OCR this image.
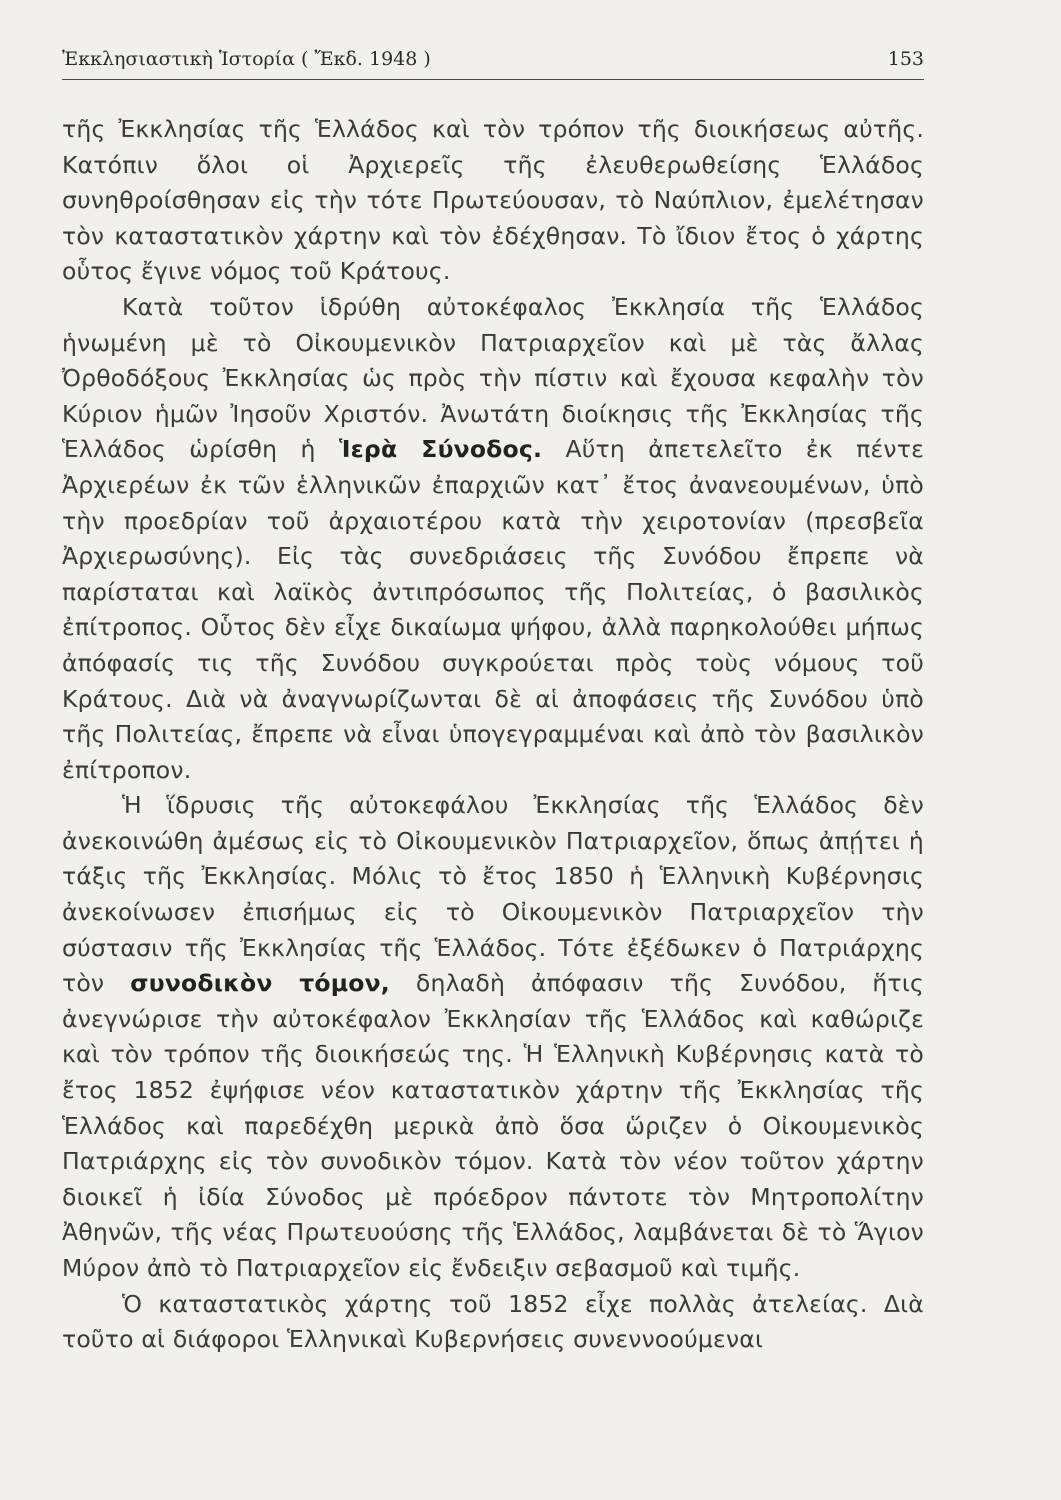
Ἐκκλησιαστικὴ Ἱστορία ( Ἔκδ. 1948 )	153

τῆς Ἐκκλησίας τῆς Ἑλλάδος καὶ τὸν τρόπον τῆς διοικήσεως αὐτῆς. Κατόπιν ὅλοι οἱ Ἀρχιερεῖς τῆς ἐλευθερωθείσης Ἑλλάδος συνηθροίσθησαν εἰς τὴν τότε Πρωτεύουσαν, τὸ Ναύπλιον, ἐμελέτησαν τὸν καταστατικὸν χάρτην καὶ τὸν ἐδέχθησαν. Τὸ ἴδιον ἔτος ὁ χάρτης οὗτος ἔγινε νόμος τοῦ Κράτους.

Κατὰ τοῦτον ἱδρύθη αὐτοκέφαλος Ἐκκλησία τῆς Ἑλλάδος ἡνωμένη μὲ τὸ Οἰκουμενικὸν Πατριαρχεῖον καὶ μὲ τὰς ἄλλας Ὀρθοδόξους Ἐκκλησίας ὡς πρὸς τὴν πίστιν καὶ ἔχουσα κεφαλὴν τὸν Κύριον ἡμῶν Ἰησοῦν Χριστόν. Ἀνωτάτη διοίκησις τῆς Ἐκκλησίας τῆς Ἑλλάδος ὡρίσθη ἡ Ἱερὰ Σύνοδος. Αὕτη ἀπετελεῖτο ἐκ πέντε Ἀρχιερέων ἐκ τῶν ἑλληνικῶν ἐπαρχιῶν κατ᾽ ἔτος ἀνανεουμένων, ὑπὸ τὴν προεδρίαν τοῦ ἀρχαιοτέρου κατὰ τὴν χειροτονίαν (πρεσβεῖα Ἀρχιερωσύνης). Εἰς τὰς συνεδριάσεις τῆς Συνόδου ἔπρεπε νὰ παρίσταται καὶ λαϊκὸς ἀντιπρόσωπος τῆς Πολιτείας, ὁ βασιλικὸς ἐπίτροπος. Οὗτος δὲν εἶχε δικαίωμα ψήφου, ἀλλὰ παρηκολούθει μήπως ἀπόφασίς τις τῆς Συνόδου συγκρούεται πρὸς τοὺς νόμους τοῦ Κράτους. Διὰ νὰ ἀναγνωρίζωνται δὲ αἱ ἀποφάσεις τῆς Συνόδου ὑπὸ τῆς Πολιτείας, ἔπρεπε νὰ εἶναι ὑπογεγραμμέναι καὶ ἀπὸ τὸν βασιλικὸν ἐπίτροπον.

Ἡ ἵδρυσις τῆς αὐτοκεφάλου Ἐκκλησίας τῆς Ἑλλάδος δὲν ἀνεκοινώθη ἀμέσως εἰς τὸ Οἰκουμενικὸν Πατριαρχεῖον, ὅπως ἀπῄτει ἡ τάξις τῆς Ἐκκλησίας. Μόλις τὸ ἔτος 1850 ἡ Ἑλληνικὴ Κυβέρνησις ἀνεκοίνωσεν ἐπισήμως εἰς τὸ Οἰκουμενικὸν Πατριαρχεῖον τὴν σύστασιν τῆς Ἐκκλησίας τῆς Ἑλλάδος. Τότε ἐξέδωκεν ὁ Πατριάρχης τὸν συνοδικὸν τόμον, δηλαδὴ ἀπόφασιν τῆς Συνόδου, ἥτις ἀνεγνώρισε τὴν αὐτοκέφαλον Ἐκκλησίαν τῆς Ἑλλάδος καὶ καθώριζε καὶ τὸν τρόπον τῆς διοικήσεώς της. Ἡ Ἑλληνικὴ Κυβέρνησις κατὰ τὸ ἔτος 1852 ἐψήφισε νέον καταστατικὸν χάρτην τῆς Ἐκκλησίας τῆς Ἑλλάδος καὶ παρεδέχθη μερικὰ ἀπὸ ὅσα ὥριζεν ὁ Οἰκουμενικὸς Πατριάρχης εἰς τὸν συνοδικὸν τόμον. Κατὰ τὸν νέον τοῦτον χάρτην διοικεῖ ἡ ἰδία Σύνοδος μὲ πρόεδρον πάντοτε τὸν Μητροπολίτην Ἀθηνῶν, τῆς νέας Πρωτευούσης τῆς Ἑλλάδος, λαμβάνεται δὲ τὸ Ἅγιον Μύρον ἀπὸ τὸ Πατριαρχεῖον εἰς ἔνδειξιν σεβασμοῦ καὶ τιμῆς.

Ὁ καταστατικὸς χάρτης τοῦ 1852 εἶχε πολλὰς ἀτελείας. Διὰ τοῦτο αἱ διάφοροι Ἑλληνικαὶ Κυβερνήσεις συνεννοούμεναι
